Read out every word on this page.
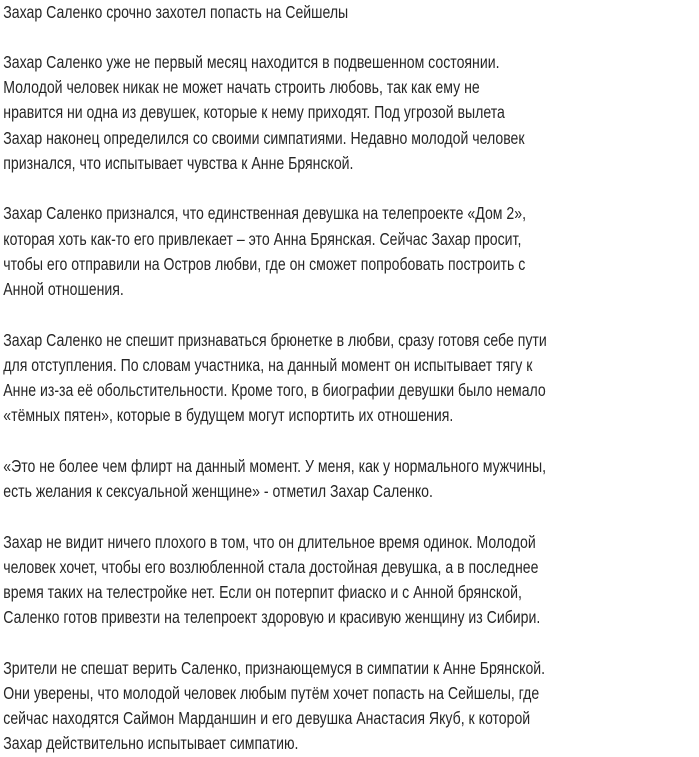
Захар Саленко срочно захотел попасть на Сейшелы
Захар Саленко уже не первый месяц находится в подвешенном состоянии.
Молодой человек никак не может начать строить любовь, так как ему не
нравится ни одна из девушек, которые к нему приходят. Под угрозой вылета
Захар наконец определился со своими симпатиями. Недавно молодой человек
признался, что испытывает чувства к Анне Брянской.
Захар Саленко признался, что единственная девушка на телепроекте «Дом 2»,
которая хоть как-то его привлекает – это Анна Брянская. Сейчас Захар просит,
чтобы его отправили на Остров любви, где он сможет попробовать построить с
Анной отношения.
Захар Саленко не спешит признаваться брюнетке в любви, сразу готовя себе пути
для отступления. По словам участника, на данный момент он испытывает тягу к
Анне из-за её обольстительности. Кроме того, в биографии девушки было немало
«тёмных пятен», которые в будущем могут испортить их отношения.
«Это не более чем флирт на данный момент. У меня, как у нормального мужчины,
есть желания к сексуальной женщине» - отметил Захар Саленко.
Захар не видит ничего плохого в том, что он длительное время одинок. Молодой
человек хочет, чтобы его возлюбленной стала достойная девушка, а в последнее
время таких на телестройке нет. Если он потерпит фиаско и с Анной брянской,
Саленко готов привезти на телепроект здоровую и красивую женщину из Сибири.
Зрители не спешат верить Саленко, признающемуся в симпатии к Анне Брянской.
Они уверены, что молодой человек любым путём хочет попасть на Сейшелы, где
сейчас находятся Саймон Марданшин и его девушка Анастасия Якуб, к которой
Захар действительно испытывает симпатию.
